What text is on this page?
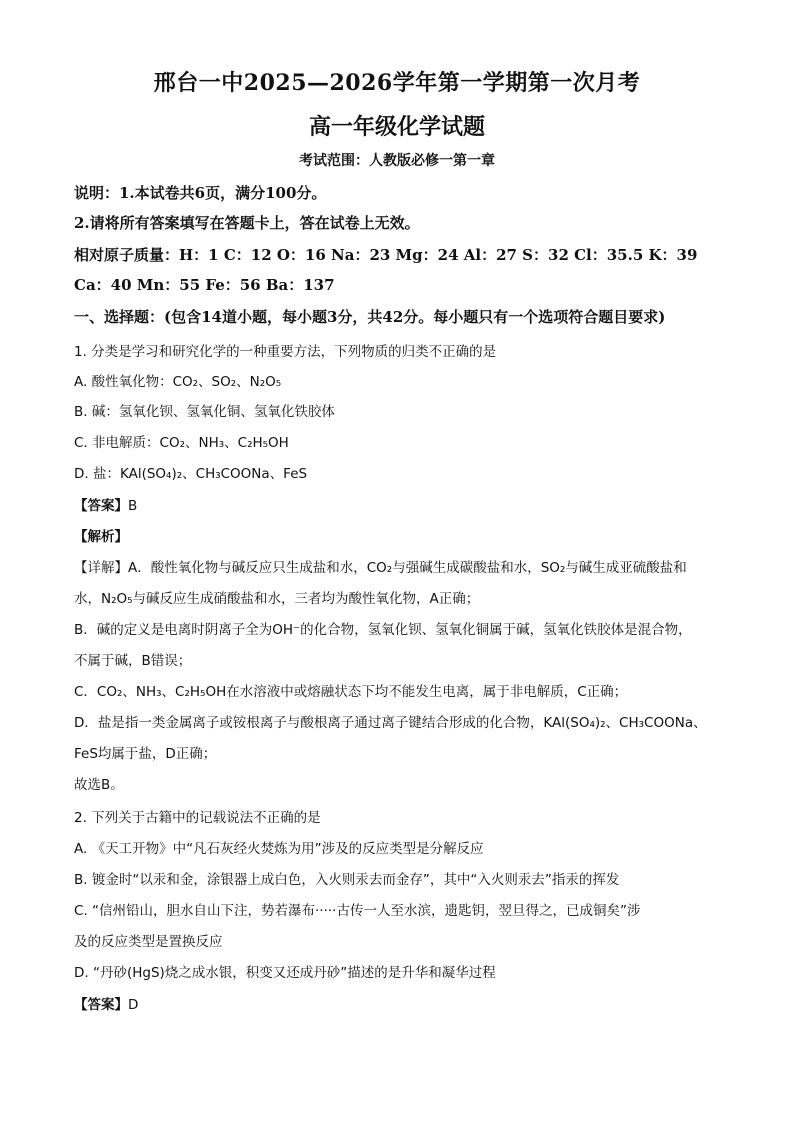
邢台一中2025—2026学年第一学期第一次月考
高一年级化学试题
考试范围：人教版必修一第一章
说明：1.本试卷共6页，满分100分。
2.请将所有答案填写在答题卡上，答在试卷上无效。
相对原子质量：H：1 C：12 O：16 Na：23 Mg：24 Al：27 S：32 Cl：35.5 K：39
Ca：40 Mn：55 Fe：56 Ba：137
一、选择题：(包含14道小题，每小题3分，共42分。每小题只有一个选项符合题目要求)
1. 分类是学习和研究化学的一种重要方法，下列物质的归类不正确的是
A. 酸性氧化物：CO₂、SO₂、N₂O₅
B. 碱：氢氧化钡、氢氧化铜、氢氧化铁胶体
C. 非电解质：CO₂、NH₃、C₂H₅OH
D. 盐：KAl(SO₄)₂、CH₃COONa、FeS
【答案】B
【解析】
【详解】A．酸性氧化物与碱反应只生成盐和水，CO₂与强碱生成碳酸盐和水，SO₂与碱生成亚硫酸盐和
水，N₂O₅与碱反应生成硝酸盐和水，三者均为酸性氧化物，A正确；
B．碱的定义是电离时阴离子全为OH⁻的化合物，氢氧化钡、氢氧化铜属于碱，氢氧化铁胶体是混合物，
不属于碱，B错误；
C．CO₂、NH₃、C₂H₅OH在水溶液中或熔融状态下均不能发生电离，属于非电解质，C正确；
D．盐是指一类金属离子或铵根离子与酸根离子通过离子键结合形成的化合物，KAl(SO₄)₂、CH₃COONa、
FeS均属于盐，D正确；
故选B。
2. 下列关于古籍中的记载说法不正确的是
A. 《天工开物》中“凡石灰经火焚炼为用”涉及的反应类型是分解反应
B. 镀金时“以汞和金，涂银器上成白色，入火则汞去而金存”，其中“入火则汞去”指汞的挥发
C. “信州铅山，胆水自山下注，势若瀑布·····古传一人至水滨，遗匙钥，翌旦得之，已成铜矣”涉
及的反应类型是置换反应
D. “丹砂(HgS)烧之成水银，积变又还成丹砂”描述的是升华和凝华过程
【答案】D
